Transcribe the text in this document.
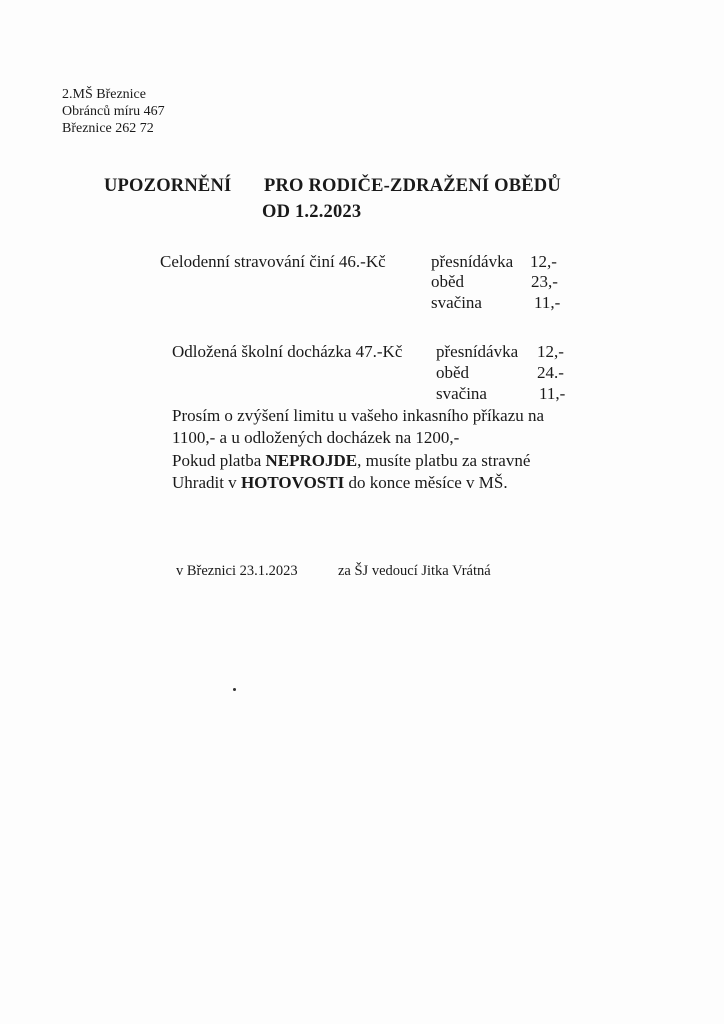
2.MŠ Březnice
Obránců míru 467
Březnice 262 72
UPOZORNĚNÍ PRO RODIČE-ZDRAŽENÍ OBĚDŮ
OD 1.2.2023
Celodenní stravování činí 46.-Kč	přesnídávka 12,-
oběd	23,-
svačina	11,-
Odložená školní docházka 47.-Kč přesnídávka 12,-
oběd	24.-
svačina	11,-
Prosím o zvýšení limitu u vašeho inkasního příkazu na
1100,- a u odložených docházek na 1200,-
Pokud platba NEPROJDE, musíte platbu za stravné
Uhradit v HOTOVOSTI do konce měsíce v MŠ.
v Březnici 23.1.2023	za ŠJ vedoucí Jitka Vrátná
